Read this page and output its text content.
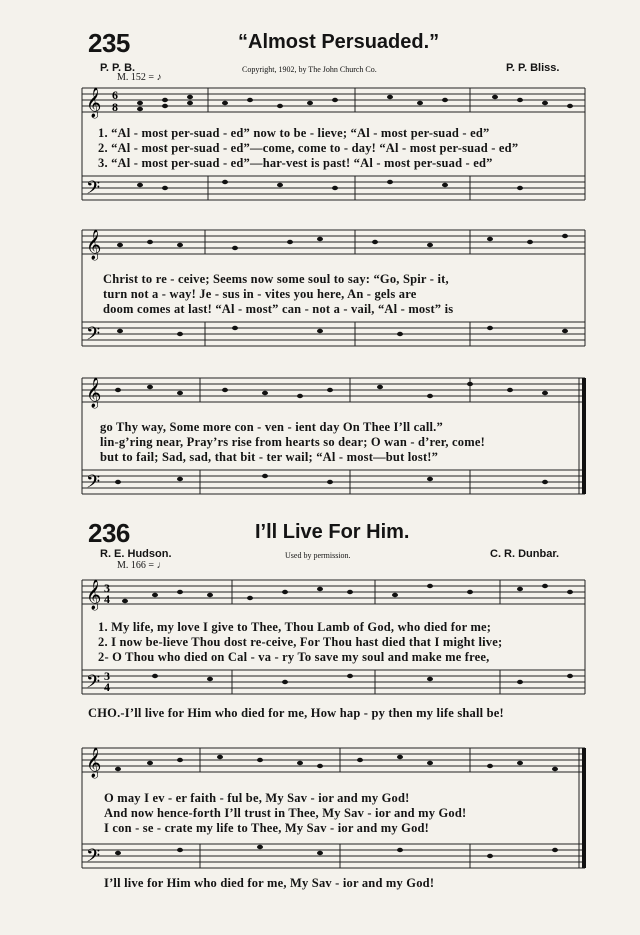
235	“Almost Persuaded.”
P. P. B.	Copyright, 1902, by The John Church Co.	P. P. Bliss.
M. 152 = ♪
𝄞
𝄢
6
8
1. “Al - most per-suad - ed” now to be - lieve; “Al - most per-suad - ed”
2. “Al - most per-suad - ed”—come, come to - day! “Al - most per-suad - ed”
3. “Al - most per-suad - ed”—har-vest is past! “Al - most per-suad - ed”
𝄞
𝄢
Christ to re - ceive; Seems now some soul to say: “Go, Spir - it,
turn not a - way! Je - sus in - vites you here, An - gels are
doom comes at last! “Al - most” can - not a - vail, “Al - most” is
𝄞
𝄢
go Thy way, Some more con - ven - ient day On Thee I’ll call.”
lin-g’ring near, Pray’rs rise from hearts so dear; O wan - d’rer, come!
but to fail; Sad, sad, that bit - ter wail; “Al - most—but lost!”
236	I’ll Live For Him.
R. E. Hudson.	Used by permission.	C. R. Dunbar.
M. 166 = ♩
𝄞
𝄢
3
4
3
4
1. My life, my love I give to Thee, Thou Lamb of God, who died for me;
2. I now be-lieve Thou dost re-ceive, For Thou hast died that I might live;
2- O Thou who died on Cal - va - ry To save my soul and make me free,
CHO.-I’ll live for Him who died for me, How hap - py then my life shall be!
𝄞
𝄢
O may I ev - er faith - ful be, My Sav - ior and my God!
And now hence-forth I’ll trust in Thee, My Sav - ior and my God!
I con - se - crate my life to Thee, My Sav - ior and my God!
I’ll live for Him who died for me, My Sav - ior and my God!
